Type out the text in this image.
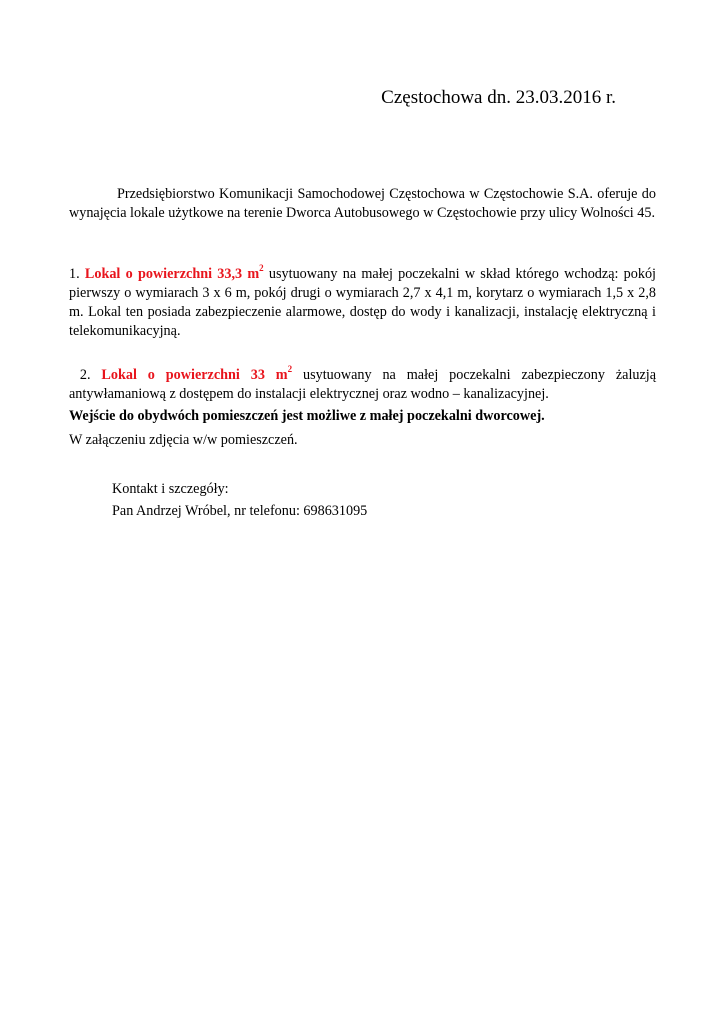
Częstochowa dn. 23.03.2016 r.
Przedsiębiorstwo Komunikacji Samochodowej Częstochowa w Częstochowie S.A. oferuje do wynajęcia lokale użytkowe na terenie Dworca Autobusowego w Częstochowie przy ulicy Wolności 45.
1. Lokal o powierzchni 33,3 $m^2$ usytuowany na małej poczekalni w skład którego wchodzą: pokój pierwszy o wymiarach 3 x 6 m, pokój drugi o wymiarach 2,7 x 4,1 m, korytarz o wymiarach 1,5 x 2,8 m. Lokal ten posiada zabezpieczenie alarmowe, dostęp do wody i kanalizacji, instalację elektryczną i telekomunikacyjną.
2. Lokal o powierzchni 33 $m^2$ usytuowany na małej poczekalni zabezpieczony żaluzją antywłamaniową z dostępem do instalacji elektrycznej oraz wodno – kanalizacyjnej.
Wejście do obydwóch pomieszczeń jest możliwe z małej poczekalni dworcowej.
W załączeniu zdjęcia w/w pomieszczeń.
Kontakt i szczegóły:
Pan Andrzej Wróbel, nr telefonu: 698631095
